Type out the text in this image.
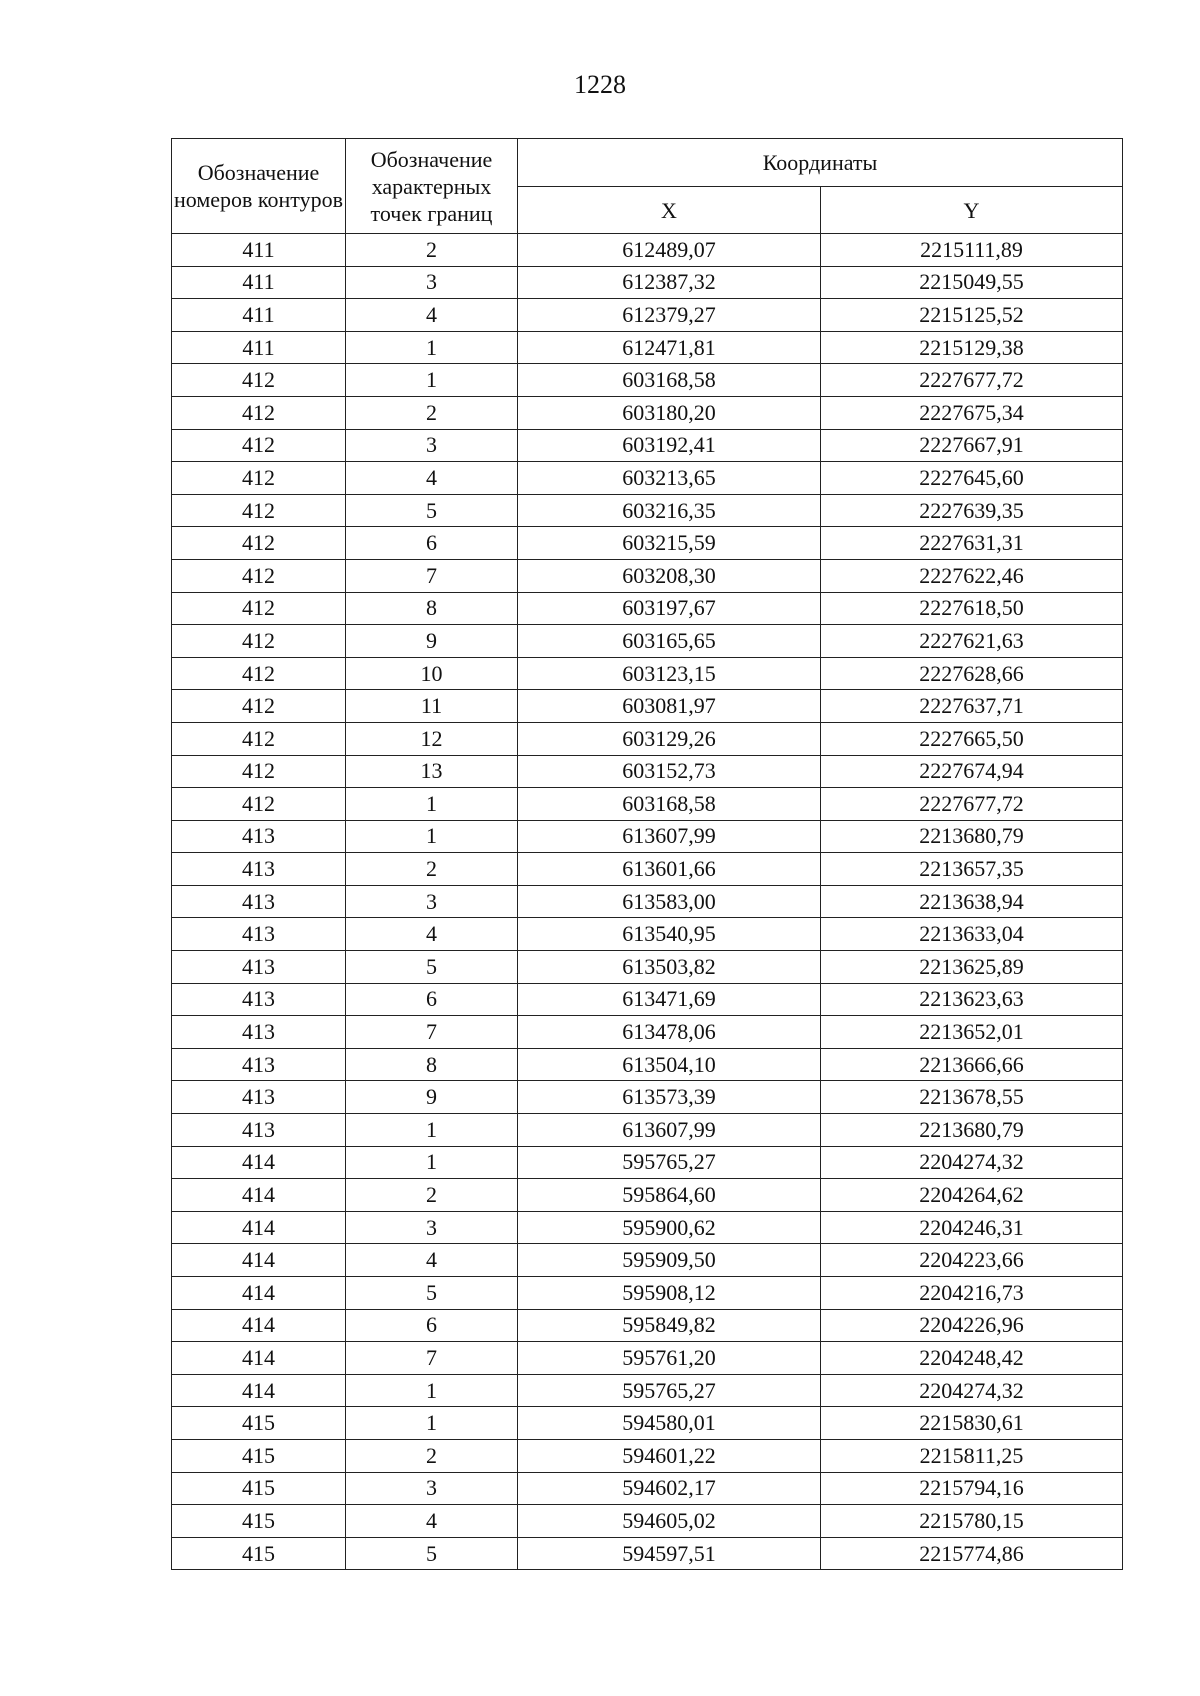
1228
Обозначение номеров контуров	Обозначение характерных точек границ	Координаты	
		X	Y
411	2	612489,07	2215111,89
411	3	612387,32	2215049,55
411	4	612379,27	2215125,52
411	1	612471,81	2215129,38
412	1	603168,58	2227677,72
412	2	603180,20	2227675,34
412	3	603192,41	2227667,91
412	4	603213,65	2227645,60
412	5	603216,35	2227639,35
412	6	603215,59	2227631,31
412	7	603208,30	2227622,46
412	8	603197,67	2227618,50
412	9	603165,65	2227621,63
412	10	603123,15	2227628,66
412	11	603081,97	2227637,71
412	12	603129,26	2227665,50
412	13	603152,73	2227674,94
412	1	603168,58	2227677,72
413	1	613607,99	2213680,79
413	2	613601,66	2213657,35
413	3	613583,00	2213638,94
413	4	613540,95	2213633,04
413	5	613503,82	2213625,89
413	6	613471,69	2213623,63
413	7	613478,06	2213652,01
413	8	613504,10	2213666,66
413	9	613573,39	2213678,55
413	1	613607,99	2213680,79
414	1	595765,27	2204274,32
414	2	595864,60	2204264,62
414	3	595900,62	2204246,31
414	4	595909,50	2204223,66
414	5	595908,12	2204216,73
414	6	595849,82	2204226,96
414	7	595761,20	2204248,42
414	1	595765,27	2204274,32
415	1	594580,01	2215830,61
415	2	594601,22	2215811,25
415	3	594602,17	2215794,16
415	4	594605,02	2215780,15
415	5	594597,51	2215774,86
